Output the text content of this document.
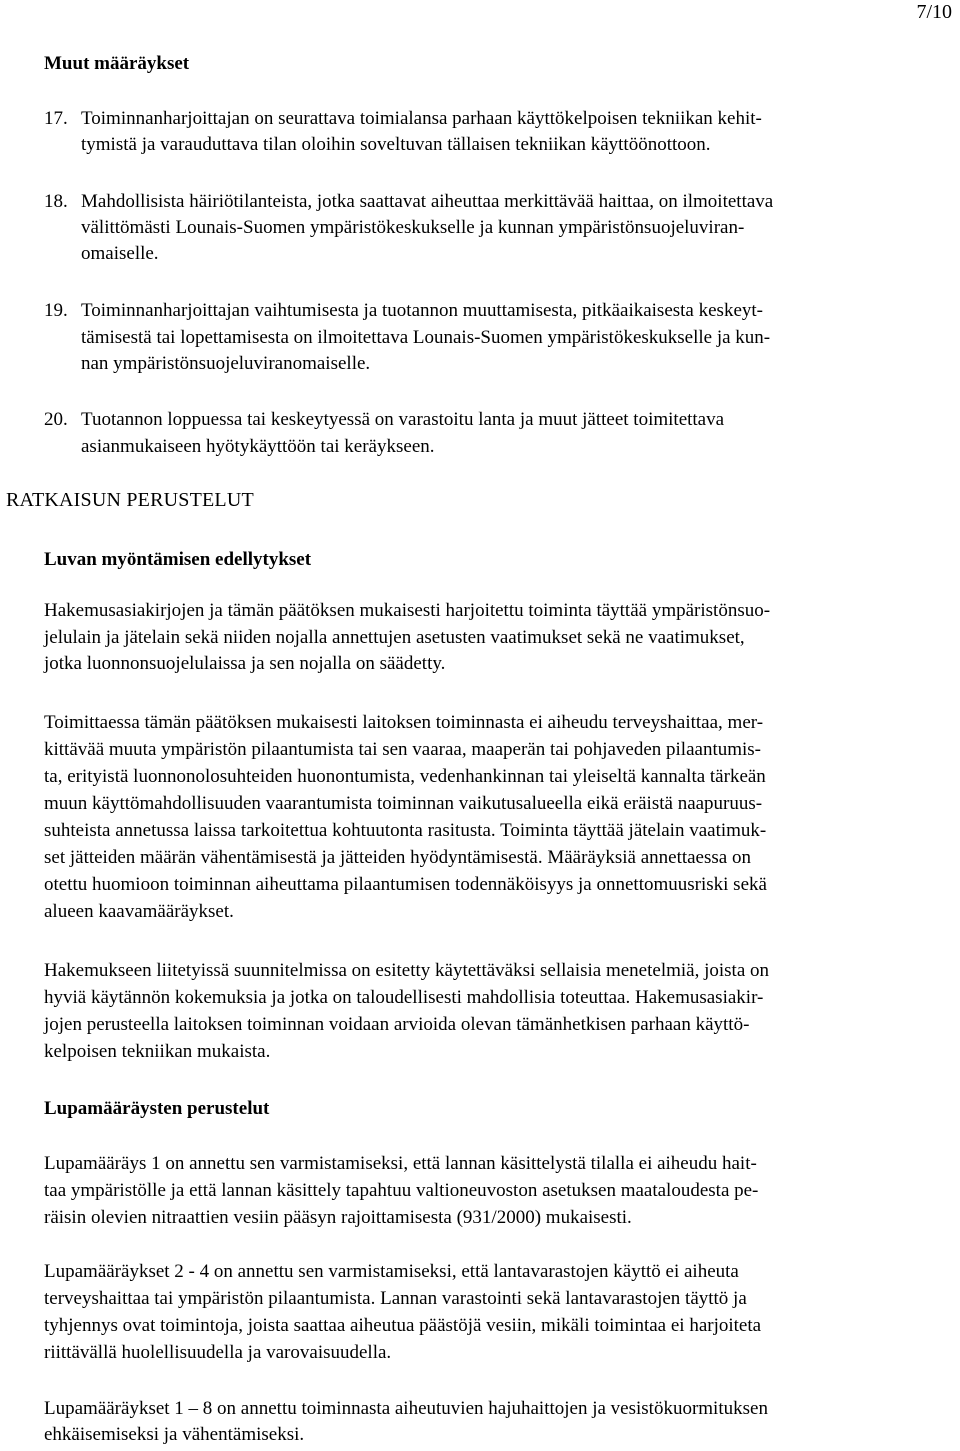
7/10
Muut määräykset
17. Toiminnanharjoittajan on seurattava toimialansa parhaan käyttökelpoisen tekniikan kehit-
tymistä ja varauduttava tilan oloihin soveltuvan tällaisen tekniikan käyttöönottoon.
18. Mahdollisista häiriötilanteista, jotka saattavat aiheuttaa merkittävää haittaa, on ilmoitettava
välittömästi Lounais-Suomen ympäristökeskukselle ja kunnan ympäristönsuojeluviran-
omaiselle.
19. Toiminnanharjoittajan vaihtumisesta ja tuotannon muuttamisesta, pitkäaikaisesta keskeyt-
tämisestä tai lopettamisesta on ilmoitettava Lounais-Suomen ympäristökeskukselle ja kun-
nan ympäristönsuojeluviranomaiselle.
20. Tuotannon loppuessa tai keskeytyessä on varastoitu lanta ja muut jätteet toimitettava
asianmukaiseen hyötykäyttöön tai keräykseen.
RATKAISUN PERUSTELUT
Luvan myöntämisen edellytykset
Hakemusasiakirjojen ja tämän päätöksen mukaisesti harjoitettu toiminta täyttää ympäristönsuo-
jelulain ja jätelain sekä niiden nojalla annettujen asetusten vaatimukset sekä ne vaatimukset,
jotka luonnonsuojelulaissa ja sen nojalla on säädetty.
Toimittaessa tämän päätöksen mukaisesti laitoksen toiminnasta ei aiheudu terveyshaittaa, mer-
kittävää muuta ympäristön pilaantumista tai sen vaaraa, maaperän tai pohjaveden pilaantumis-
ta, erityistä luonnonolosuhteiden huonontumista, vedenhankinnan tai yleiseltä kannalta tärkeän
muun käyttömahdollisuuden vaarantumista toiminnan vaikutusalueella eikä eräistä naapuruus-
suhteista annetussa laissa tarkoitettua kohtuutonta rasitusta. Toiminta täyttää jätelain vaatimuk-
set jätteiden määrän vähentämisestä ja jätteiden hyödyntämisestä. Määräyksiä annettaessa on
otettu huomioon toiminnan aiheuttama pilaantumisen todennäköisyys ja onnettomuusriski sekä
alueen kaavamääräykset.
Hakemukseen liitetyissä suunnitelmissa on esitetty käytettäväksi sellaisia menetelmiä, joista on
hyviä käytännön kokemuksia ja jotka on taloudellisesti mahdollisia toteuttaa. Hakemusasiakir-
jojen perusteella laitoksen toiminnan voidaan arvioida olevan tämänhetkisen parhaan käyttö-
kelpoisen tekniikan mukaista.
Lupamääräysten perustelut
Lupamääräys 1 on annettu sen varmistamiseksi, että lannan käsittelystä tilalla ei aiheudu hait-
taa ympäristölle ja että lannan käsittely tapahtuu valtioneuvoston asetuksen maataloudesta pe-
räisin olevien nitraattien vesiin pääsyn rajoittamisesta (931/2000) mukaisesti.
Lupamääräykset 2 - 4 on annettu sen varmistamiseksi, että lantavarastojen käyttö ei aiheuta
terveyshaittaa tai ympäristön pilaantumista. Lannan varastointi sekä lantavarastojen täyttö ja
tyhjennys ovat toimintoja, joista saattaa aiheutua päästöjä vesiin, mikäli toimintaa ei harjoiteta
riittävällä huolellisuudella ja varovaisuudella.
Lupamääräykset 1 – 8 on annettu toiminnasta aiheutuvien hajuhaittojen ja vesistökuormituksen
ehkäisemiseksi ja vähentämiseksi.
